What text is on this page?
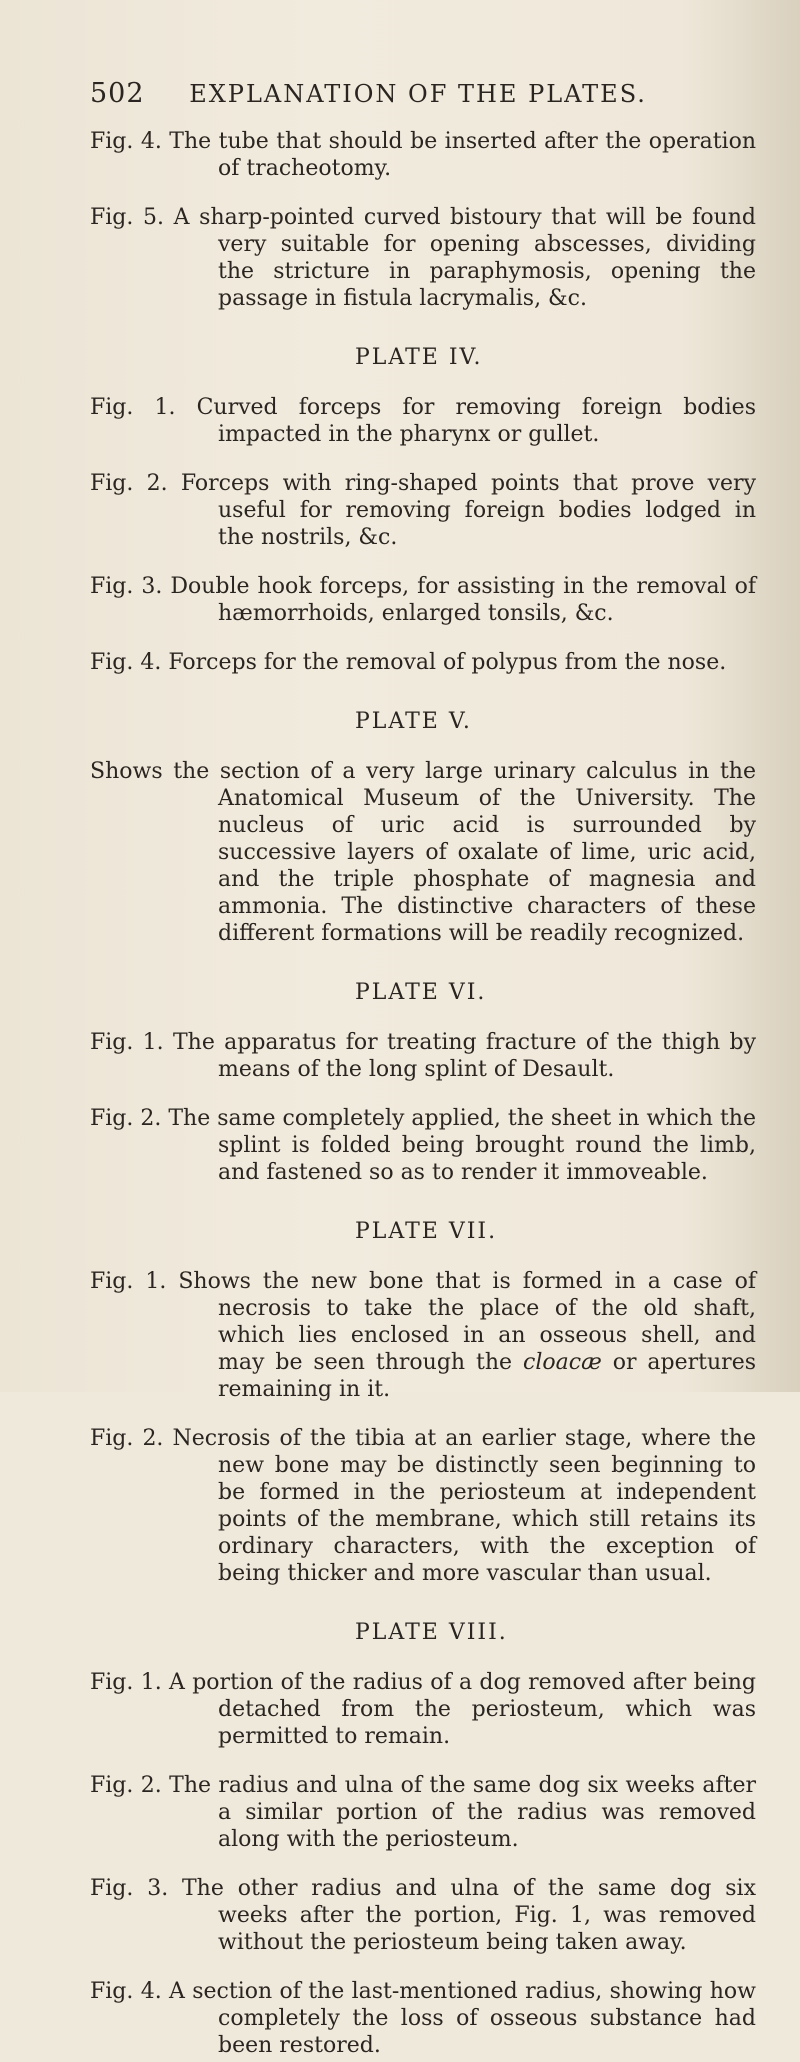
502 EXPLANATION OF THE PLATES.

Fig. 4. The tube that should be inserted after the operation of tracheotomy.

Fig. 5. A sharp-pointed curved bistoury that will be found very suitable for opening abscesses, dividing the stricture in paraphymosis, opening the passage in fistula lacrymalis, &c.

PLATE IV.

Fig. 1. Curved forceps for removing foreign bodies impacted in the pharynx or gullet.

Fig. 2. Forceps with ring-shaped points that prove very useful for removing foreign bodies lodged in the nostrils, &c.

Fig. 3. Double hook forceps, for assisting in the removal of hæmorrhoids, enlarged tonsils, &c.

Fig. 4. Forceps for the removal of polypus from the nose.

PLATE V.

Shows the section of a very large urinary calculus in the Anatomical Museum of the University. The nucleus of uric acid is surrounded by successive layers of oxalate of lime, uric acid, and the triple phosphate of magnesia and ammonia. The distinctive characters of these different formations will be readily recognized.

PLATE VI.

Fig. 1. The apparatus for treating fracture of the thigh by means of the long splint of Desault.

Fig. 2. The same completely applied, the sheet in which the splint is folded being brought round the limb, and fastened so as to render it immoveable.

PLATE VII.

Fig. 1. Shows the new bone that is formed in a case of necrosis to take the place of the old shaft, which lies enclosed in an osseous shell, and may be seen through the cloacæ or apertures remaining in it.

Fig. 2. Necrosis of the tibia at an earlier stage, where the new bone may be distinctly seen beginning to be formed in the periosteum at independent points of the membrane, which still retains its ordinary characters, with the exception of being thicker and more vascular than usual.

PLATE VIII.

Fig. 1. A portion of the radius of a dog removed after being detached from the periosteum, which was permitted to remain.

Fig. 2. The radius and ulna of the same dog six weeks after a similar portion of the radius was removed along with the periosteum.

Fig. 3. The other radius and ulna of the same dog six weeks after the portion, Fig. 1, was removed without the periosteum being taken away.

Fig. 4. A section of the last-mentioned radius, showing how completely the loss of osseous substance had been restored.
